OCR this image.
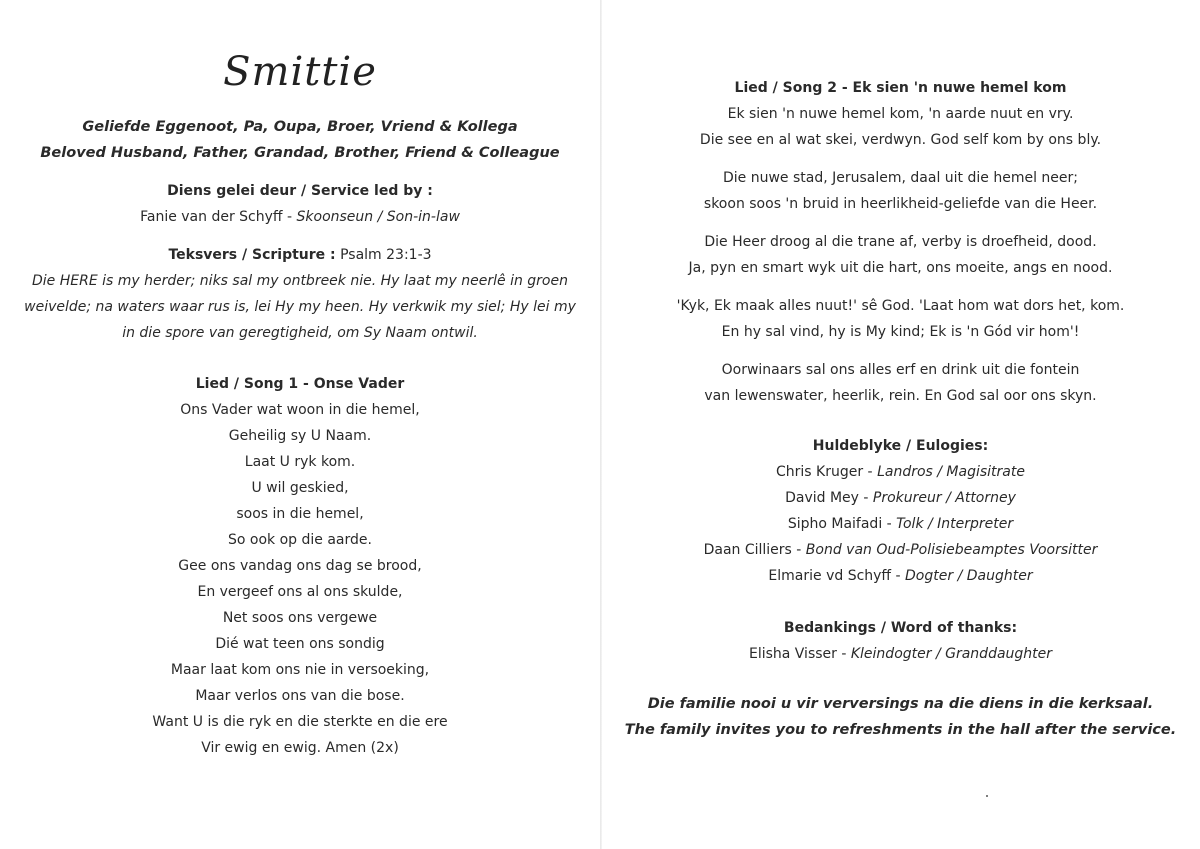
Smittie
Geliefde Eggenoot, Pa, Oupa, Broer, Vriend & Kollega
Beloved Husband, Father, Grandad, Brother, Friend & Colleague
Diens gelei deur / Service led by :
Fanie van der Schyff - Skoonseun / Son-in-law
Teksvers / Scripture : Psalm 23:1-3
Die HERE is my herder; niks sal my ontbreek nie. Hy laat my neerlê in groen
weivelde; na waters waar rus is, lei Hy my heen. Hy verkwik my siel; Hy lei my
in die spore van geregtigheid, om Sy Naam ontwil.
Lied / Song 1 - Onse Vader
Ons Vader wat woon in die hemel,
Geheilig sy U Naam.
Laat U ryk kom.
U wil geskied,
soos in die hemel,
So ook op die aarde.
Gee ons vandag ons dag se brood,
En vergeef ons al ons skulde,
Net soos ons vergewe
Dié wat teen ons sondig
Maar laat kom ons nie in versoeking,
Maar verlos ons van die bose.
Want U is die ryk en die sterkte en die ere
Vir ewig en ewig. Amen (2x)
Lied / Song 2 - Ek sien 'n nuwe hemel kom
Ek sien 'n nuwe hemel kom, 'n aarde nuut en vry.
Die see en al wat skei, verdwyn. God self kom by ons bly.
Die nuwe stad, Jerusalem, daal uit die hemel neer;
skoon soos 'n bruid in heerlikheid-geliefde van die Heer.
Die Heer droog al die trane af, verby is droefheid, dood.
Ja, pyn en smart wyk uit die hart, ons moeite, angs en nood.
'Kyk, Ek maak alles nuut!' sê God. 'Laat hom wat dors het, kom.
En hy sal vind, hy is My kind; Ek is 'n Gód vir hom'!
Oorwinaars sal ons alles erf en drink uit die fontein
van lewenswater, heerlik, rein. En God sal oor ons skyn.
Huldeblyke / Eulogies:
Chris Kruger - Landros / Magisitrate
David Mey - Prokureur / Attorney
Sipho Maifadi - Tolk / Interpreter
Daan Cilliers - Bond van Oud-Polisiebeamptes Voorsitter
Elmarie vd Schyff - Dogter / Daughter
Bedankings / Word of thanks:
Elisha Visser - Kleindogter / Granddaughter
Die familie nooi u vir verversings na die diens in die kerksaal.
The family invites you to refreshments in the hall after the service.
